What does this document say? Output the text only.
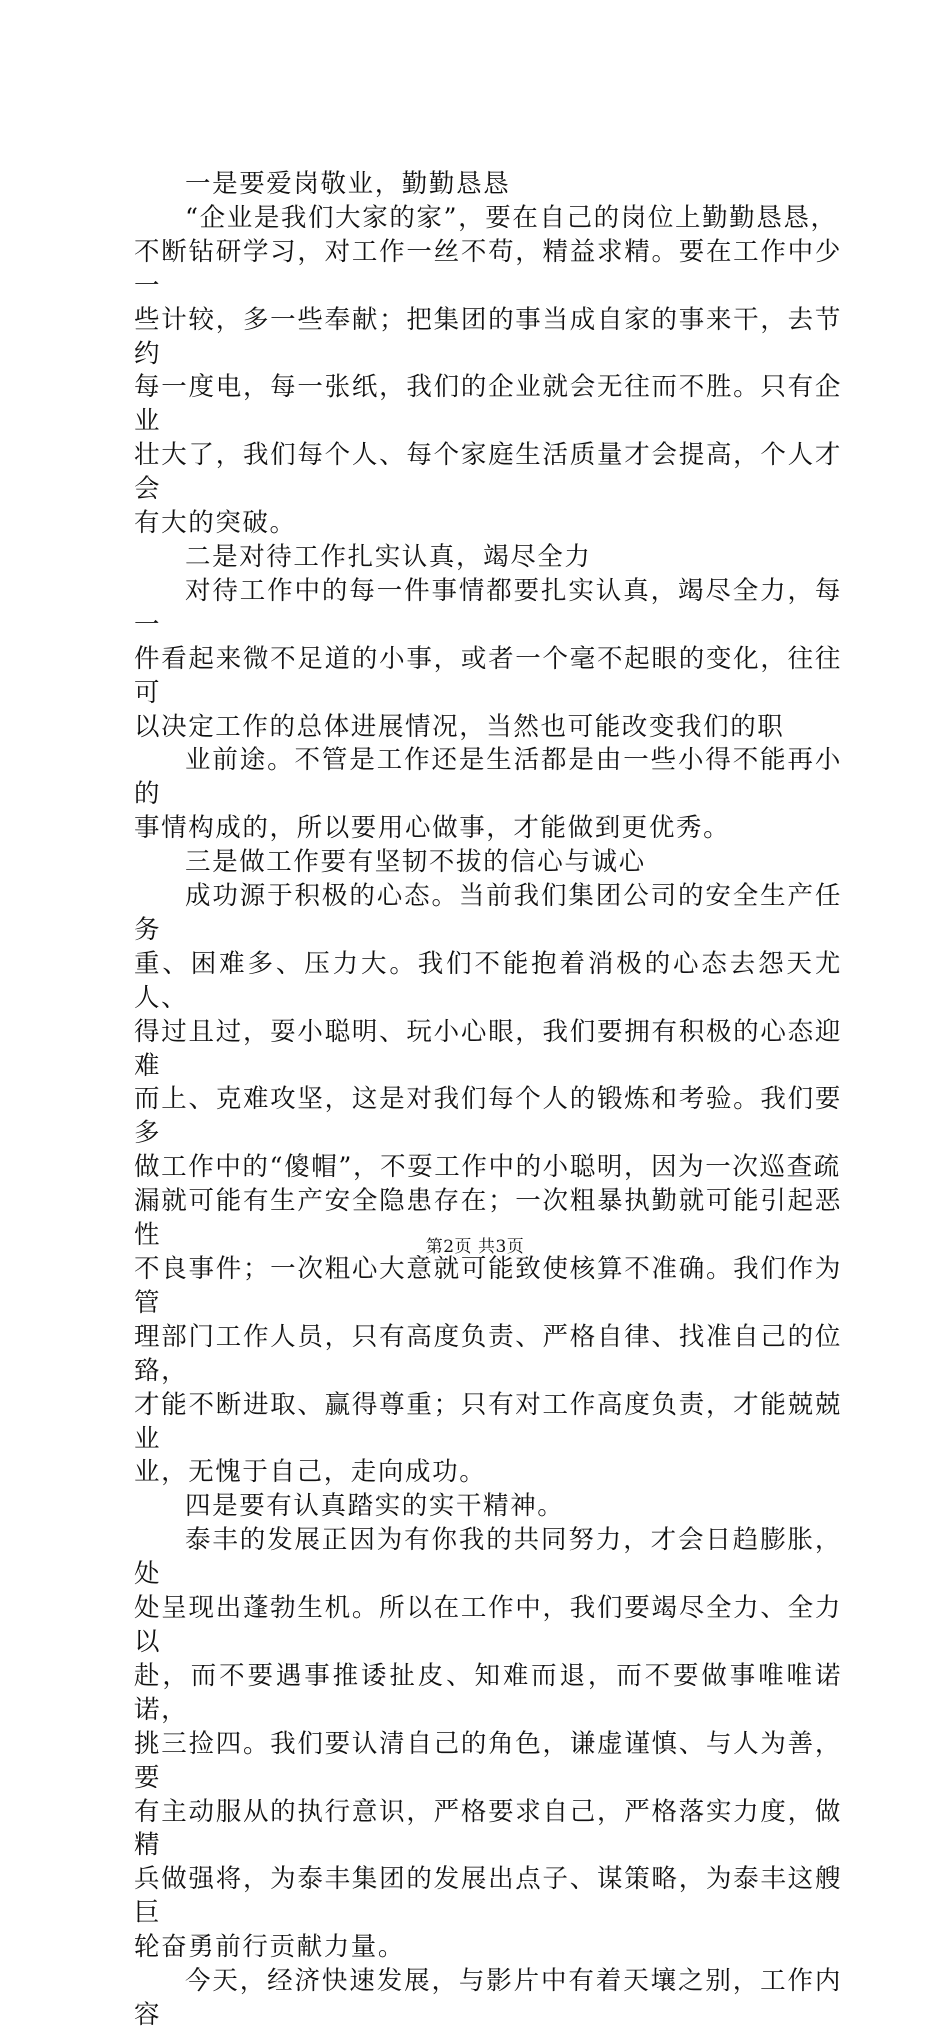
一是要爱岗敬业，勤勤恳恳

“企业是我们大家的家”，要在自己的岗位上勤勤恳恳，
不断钻研学习，对工作一丝不苟，精益求精。要在工作中少一
些计较，多一些奉献；把集团的事当成自家的事来干，去节约
每一度电，每一张纸，我们的企业就会无往而不胜。只有企业
壮大了，我们每个人、每个家庭生活质量才会提高，个人才会
有大的突破。

二是对待工作扎实认真，竭尽全力

对待工作中的每一件事情都要扎实认真，竭尽全力，每一
件看起来微不足道的小事，或者一个毫不起眼的变化，往往可
以决定工作的总体进展情况，当然也可能改变我们的职

业前途。不管是工作还是生活都是由一些小得不能再小的
事情构成的，所以要用心做事，才能做到更优秀。

三是做工作要有坚韧不拔的信心与诚心

成功源于积极的心态。当前我们集团公司的安全生产任务
重、困难多、压力大。我们不能抱着消极的心态去怨天尤人、
得过且过，耍小聪明、玩小心眼，我们要拥有积极的心态迎难
而上、克难攻坚，这是对我们每个人的锻炼和考验。我们要多
做工作中的“傻帽”，不耍工作中的小聪明，因为一次巡查疏
漏就可能有生产安全隐患存在；一次粗暴执勤就可能引起恶性
不良事件；一次粗心大意就可能致使核算不准确。我们作为管
理部门工作人员，只有高度负责、严格自律、找准自己的位臵，
才能不断进取、赢得尊重；只有对工作高度负责，才能兢兢业
业，无愧于自己，走向成功。

四是要有认真踏实的实干精神。

泰丰的发展正因为有你我的共同努力，才会日趋膨胀，处
处呈现出蓬勃生机。所以在工作中，我们要竭尽全力、全力以
赴，而不要遇事推诿扯皮、知难而退，而不要做事唯唯诺诺，
挑三捡四。我们要认清自己的角色，谦虚谨慎、与人为善，要
有主动服从的执行意识，严格要求自己，严格落实力度，做精
兵做强将，为泰丰集团的发展出点子、谋策略，为泰丰这艘巨
轮奋勇前行贡献力量。

今天，经济快速发展，与影片中有着天壤之别，工作内容

第2页 共3页
